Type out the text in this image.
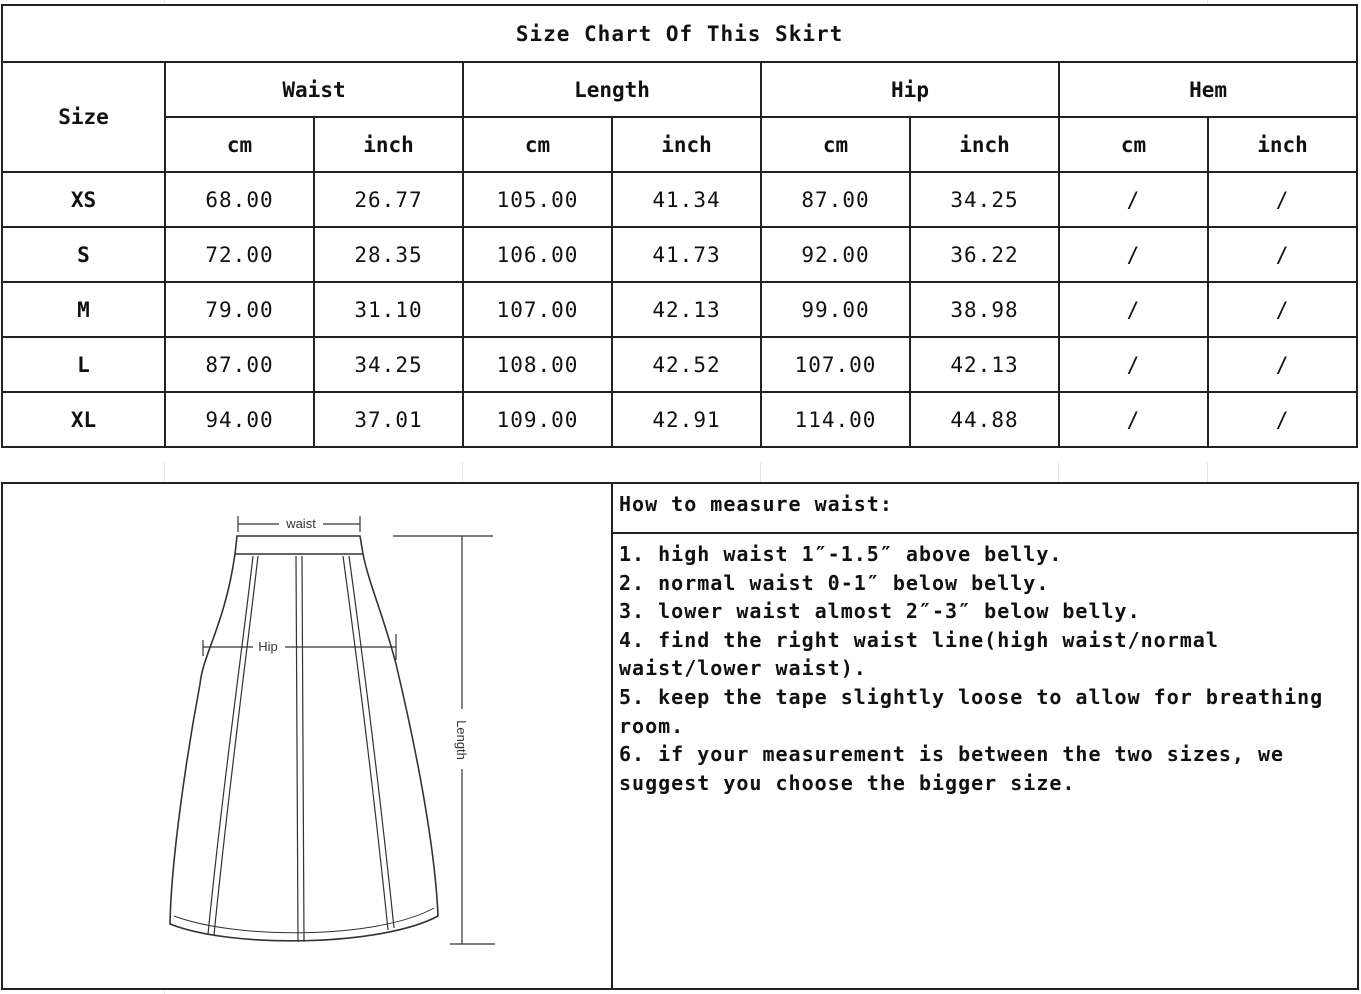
Size Chart Of This Skirt								
Size	Waist		Length		Hip		Hem	
	cm	inch	cm	inch	cm	inch	cm	inch
XS	68.00	26.77	105.00	41.34	87.00	34.25	/	/
S	72.00	28.35	106.00	41.73	92.00	36.22	/	/
M	79.00	31.10	107.00	42.13	99.00	38.98	/	/
L	87.00	34.25	108.00	42.52	107.00	42.13	/	/
XL	94.00	37.01	109.00	42.91	114.00	44.88	/	/
waist
Hip
Length
How to measure waist:

1. high waist 1″-1.5″ above belly.

2. normal waist 0-1″ below belly.

3. lower waist almost 2″-3″ below belly.

4. find the right waist line(high waist/normal waist/lower waist).

5. keep the tape slightly loose to allow for breathing room.

6. if your measurement is between the two sizes, we suggest you choose the bigger size.
